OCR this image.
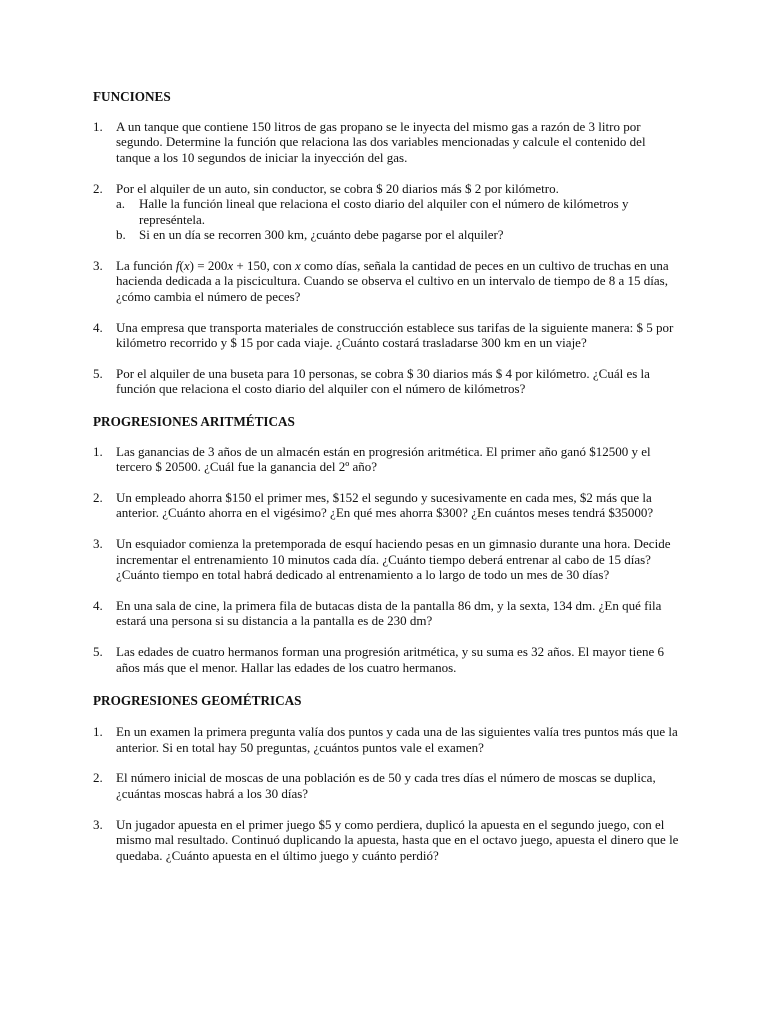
FUNCIONES
1. A un tanque que contiene 150 litros de gas propano se le inyecta del mismo gas a razón de 3 litro por segundo. Determine la función que relaciona las dos variables mencionadas y calcule el contenido del tanque a los 10 segundos de iniciar la inyección del gas.
2. Por el alquiler de un auto, sin conductor, se cobra $ 20 diarios más $ 2 por kilómetro.
a. Halle la función lineal que relaciona el costo diario del alquiler con el número de kilómetros y represéntela.
b. Si en un día se recorren 300 km, ¿cuánto debe pagarse por el alquiler?
3. La función f(x) = 200x + 150, con x como días, señala la cantidad de peces en un cultivo de truchas en una hacienda dedicada a la piscicultura. Cuando se observa el cultivo en un intervalo de tiempo de 8 a 15 días, ¿cómo cambia el número de peces?
4. Una empresa que transporta materiales de construcción establece sus tarifas de la siguiente manera: $ 5 por kilómetro recorrido y $ 15 por cada viaje. ¿Cuánto costará trasladarse 300 km en un viaje?
5. Por el alquiler de una buseta para 10 personas, se cobra $ 30 diarios más $ 4 por kilómetro. ¿Cuál es la función que relaciona el costo diario del alquiler con el número de kilómetros?
PROGRESIONES ARITMÉTICAS
1. Las ganancias de 3 años de un almacén están en progresión aritmética. El primer año ganó $12500 y el tercero $ 20500. ¿Cuál fue la ganancia del 2º año?
2. Un empleado ahorra $150 el primer mes, $152 el segundo y sucesivamente en cada mes, $2 más que la anterior. ¿Cuánto ahorra en el vigésimo? ¿En qué mes ahorra $300? ¿En cuántos meses tendrá $35000?
3. Un esquiador comienza la pretemporada de esquí haciendo pesas en un gimnasio durante una hora. Decide incrementar el entrenamiento 10 minutos cada día. ¿Cuánto tiempo deberá entrenar al cabo de 15 días? ¿Cuánto tiempo en total habrá dedicado al entrenamiento a lo largo de todo un mes de 30 días?
4. En una sala de cine, la primera fila de butacas dista de la pantalla 86 dm, y la sexta, 134 dm. ¿En qué fila estará una persona si su distancia a la pantalla es de 230 dm?
5. Las edades de cuatro hermanos forman una progresión aritmética, y su suma es 32 años. El mayor tiene 6 años más que el menor. Hallar las edades de los cuatro hermanos.
PROGRESIONES GEOMÉTRICAS
1. En un examen la primera pregunta valía dos puntos y cada una de las siguientes valía tres puntos más que la anterior. Si en total hay 50 preguntas, ¿cuántos puntos vale el examen?
2. El número inicial de moscas de una población es de 50 y cada tres días el número de moscas se duplica, ¿cuántas moscas habrá a los 30 días?
3. Un jugador apuesta en el primer juego $5 y como perdiera, duplicó la apuesta en el segundo juego, con el mismo mal resultado. Continuó duplicando la apuesta, hasta que en el octavo juego, apuesta el dinero que le quedaba. ¿Cuánto apuesta en el último juego y cuánto perdió?
